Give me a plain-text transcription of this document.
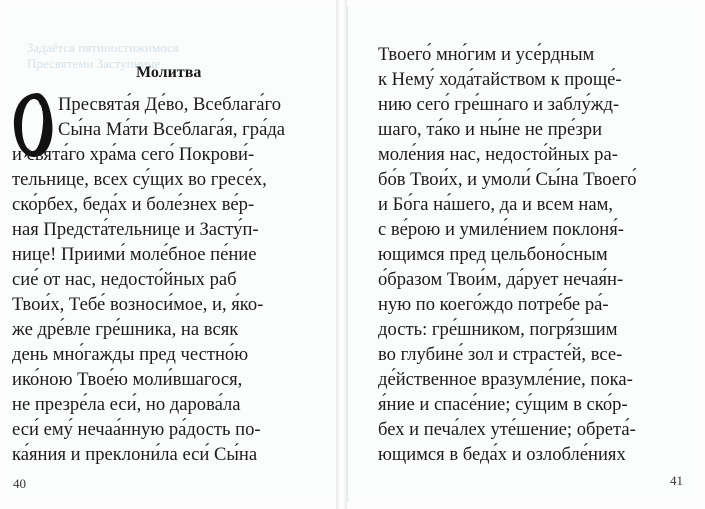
Задаётся пятипостижимося
Пресвятеми Заступнице
Молитва
Пресвята́я Де́во, Всеблага́го
Сы́на Ма́ти Всеблага́я, гра́да
и свята́го хра́ма сего́ Покрови́-
тельнице, всех су́щих во гресе́х,
ско́рбех, беда́х и боле́знех ве́р-
ная Предста́тельнице и Засту́п-
нице! Приими́ моле́бное пе́ние
сие́ от нас, недосто́йных раб
Твои́х, Тебе́ возноси́мое, и, я́ко-
же дре́вле гре́шника, на всяк
день мно́гажды пред честно́ю
ико́ною Твое́ю моли́вшагося,
не презре́ла еси́, но дарова́ла
еси́ ему́ нечаа́нную ра́дость по-
ка́яния и преклони́ла еси́ Сы́на
40
Твоего́ мно́гим и усе́рдным
к Нему́ хода́тайством к проще́-
нию сего́ гре́шнаго и заблу́жд-
шаго, та́ко и ны́не не пре́зри
моле́ния нас, недосто́йных ра-
бо́в Твои́х, и умоли́ Сы́на Твоего́
и Бо́га на́шего, да и всем нам,
с ве́рою и умиле́нием поклоня́-
ющимся пред цельбоно́сным
о́бразом Твои́м, да́рует нечая́н-
ную по коего́ждо потре́бе ра́-
дость: гре́шником, погря́зшим
во глубине́ зол и страсте́й, все-
де́йственное вразумле́ние, пока-
я́ние и спасе́ние; су́щим в ско́р-
бех и печа́лех уте́шение; обрета́-
ющимся в беда́х и озлобле́ниях
41
